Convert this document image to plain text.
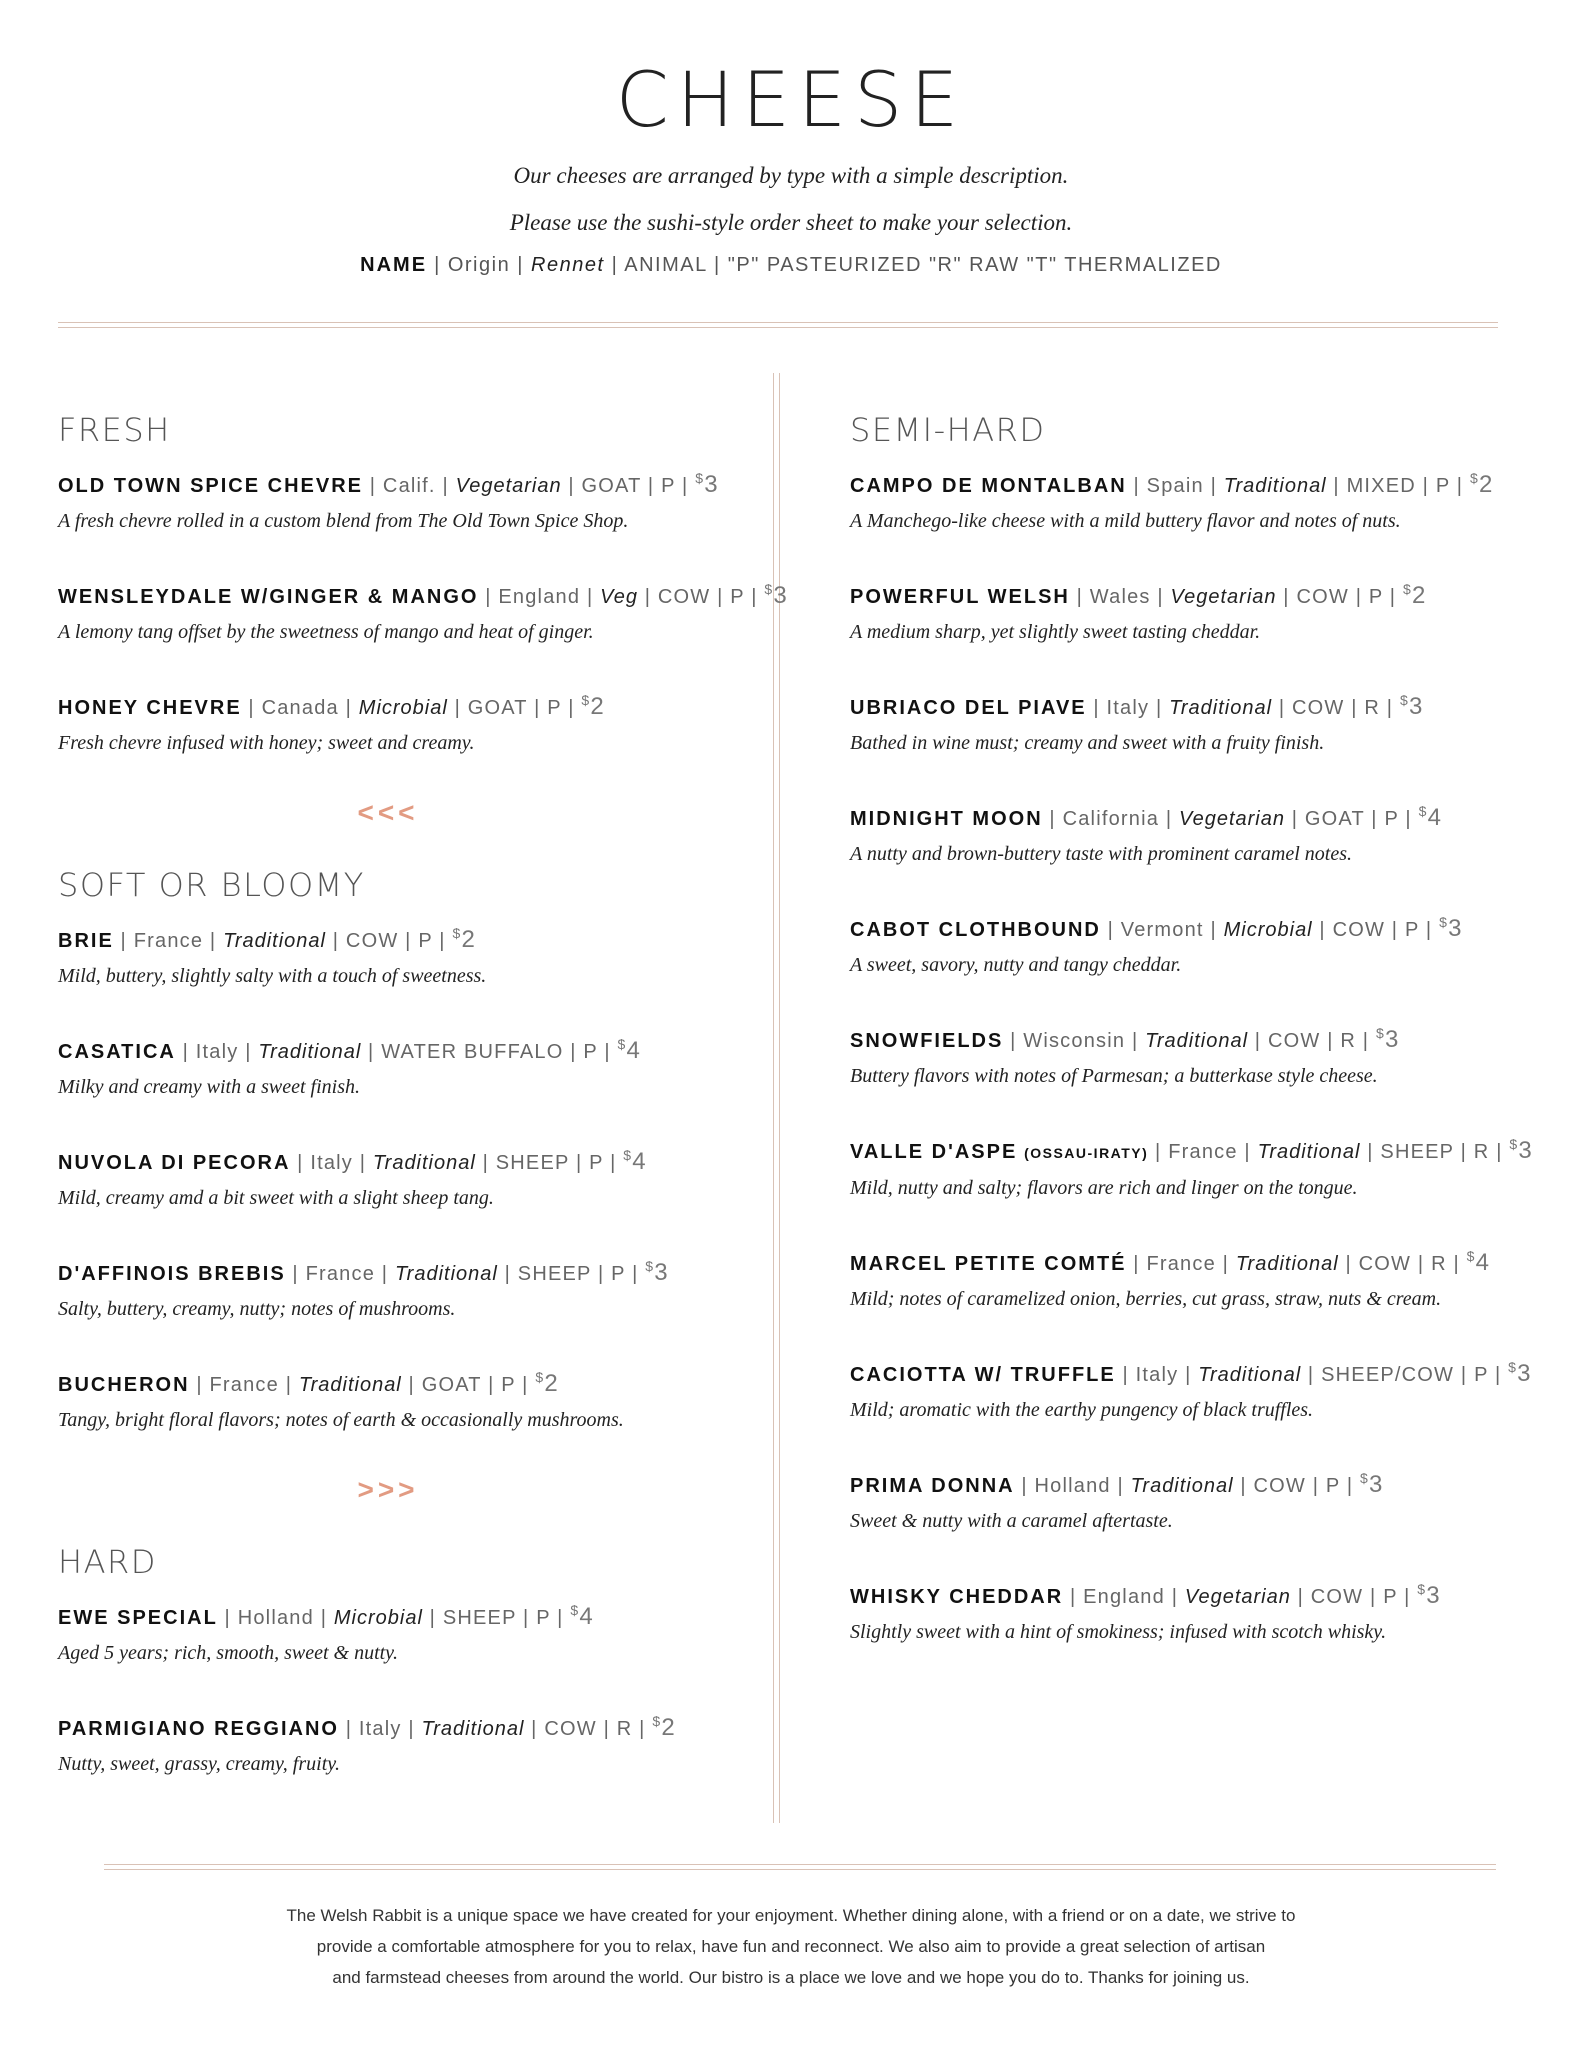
CHEESE
Our cheeses are arranged by type with a simple description.
Please use the sushi-style order sheet to make your selection.
NAME | Origin | Rennet | ANIMAL | "P" PASTEURIZED "R" RAW "T" THERMALIZED
FRESH
OLD TOWN SPICE CHEVRE | Calif. | Vegetarian | GOAT | P | $3
A fresh chevre rolled in a custom blend from The Old Town Spice Shop.
WENSLEYDALE W/GINGER & MANGO | England | Veg | COW | P | $3
A lemony tang offset by the sweetness of mango and heat of ginger.
HONEY CHEVRE | Canada | Microbial | GOAT | P | $2
Fresh chevre infused with honey; sweet and creamy.
<<<
SOFT OR BLOOMY
BRIE | France | Traditional | COW | P | $2
Mild, buttery, slightly salty with a touch of sweetness.
CASATICA | Italy | Traditional | WATER BUFFALO | P | $4
Milky and creamy with a sweet finish.
NUVOLA DI PECORA | Italy | Traditional | SHEEP | P | $4
Mild, creamy amd a bit sweet with a slight sheep tang.
D'AFFINOIS BREBIS | France | Traditional | SHEEP | P | $3
Salty, buttery, creamy, nutty; notes of mushrooms.
BUCHERON | France | Traditional | GOAT | P | $2
Tangy, bright floral flavors; notes of earth & occasionally mushrooms.
>>>
HARD
EWE SPECIAL | Holland | Microbial | SHEEP | P | $4
Aged 5 years; rich, smooth, sweet & nutty.
PARMIGIANO REGGIANO | Italy | Traditional | COW | R | $2
Nutty, sweet, grassy, creamy, fruity.
SEMI-HARD
CAMPO DE MONTALBAN | Spain | Traditional | MIXED | P | $2
A Manchego-like cheese with a mild buttery flavor and notes of nuts.
POWERFUL WELSH | Wales | Vegetarian | COW | P | $2
A medium sharp, yet slightly sweet tasting cheddar.
UBRIACO DEL PIAVE | Italy | Traditional | COW | R | $3
Bathed in wine must; creamy and sweet with a fruity finish.
MIDNIGHT MOON | California | Vegetarian | GOAT | P | $4
A nutty and brown-buttery taste with prominent caramel notes.
CABOT CLOTHBOUND | Vermont | Microbial | COW | P | $3
A sweet, savory, nutty and tangy cheddar.
SNOWFIELDS | Wisconsin | Traditional | COW | R | $3
Buttery flavors with notes of Parmesan; a butterkase style cheese.
VALLE D'ASPE (OSSAU-IRATY) | France | Traditional | SHEEP | R | $3
Mild, nutty and salty; flavors are rich and linger on the tongue.
MARCEL PETITE COMTÉ | France | Traditional | COW | R | $4
Mild; notes of caramelized onion, berries, cut grass, straw, nuts & cream.
CACIOTTA W/ TRUFFLE | Italy | Traditional | SHEEP/COW | P | $3
Mild; aromatic with the earthy pungency of black truffles.
PRIMA DONNA | Holland | Traditional | COW | P | $3
Sweet & nutty with a caramel aftertaste.
WHISKY CHEDDAR | England | Vegetarian | COW | P | $3
Slightly sweet with a hint of smokiness; infused with scotch whisky.
The Welsh Rabbit is a unique space we have created for your enjoyment. Whether dining alone, with a friend or on a date, we strive to
provide a comfortable atmosphere for you to relax, have fun and reconnect. We also aim to provide a great selection of artisan
and farmstead cheeses from around the world. Our bistro is a place we love and we hope you do to. Thanks for joining us.
